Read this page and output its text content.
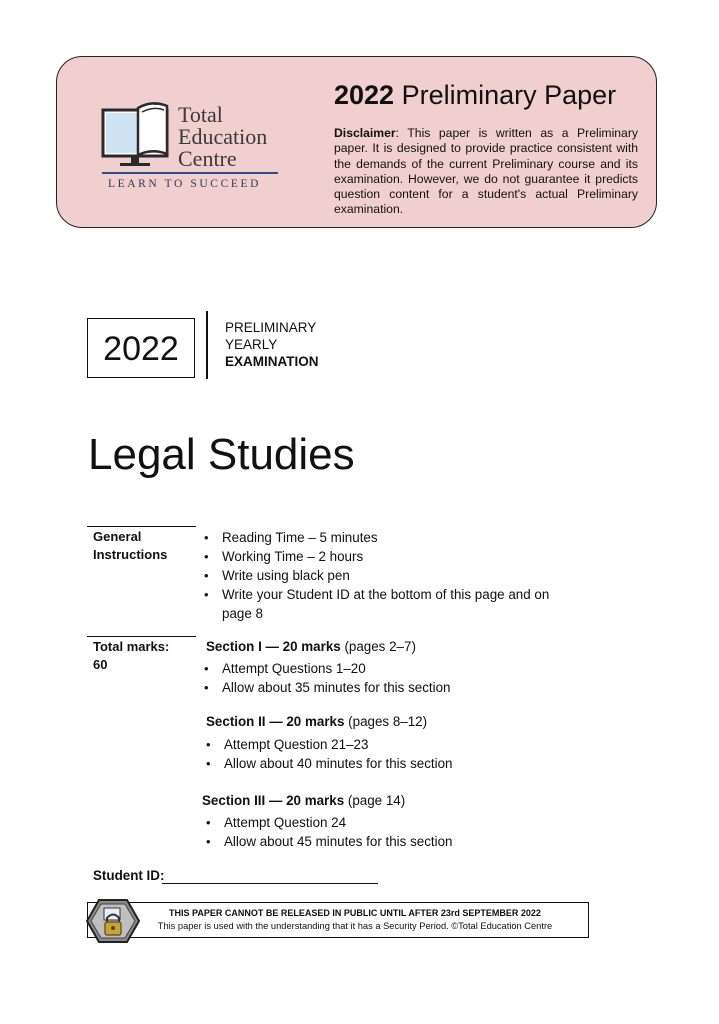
Total
Education
Centre
LEARN TO SUCCEED
2022 Preliminary Paper
Disclaimer: This paper is written as a Preliminary paper. It is designed to provide practice consistent with the demands of the current Preliminary course and its examination. However, we do not guarantee it predicts question content for a student's actual Preliminary examination.
2022
PRELIMINARY
YEARLY
EXAMINATION
Legal Studies
General
Instructions
• Reading Time – 5 minutes
• Working Time – 2 hours
• Write using black pen
• Write your Student ID at the bottom of this page and on page 8
Total marks:
60
Section I — 20 marks (pages 2–7)
• Attempt Questions 1–20
• Allow about 35 minutes for this section
Section II — 20 marks (pages 8–12)
• Attempt Question 21–23
• Allow about 40 minutes for this section
Section III — 20 marks (page 14)
• Attempt Question 24
• Allow about 45 minutes for this section
Student ID:
THIS PAPER CANNOT BE RELEASED IN PUBLIC UNTIL AFTER 23rd SEPTEMBER 2022
This paper is used with the understanding that it has a Security Period. ©Total Education Centre
